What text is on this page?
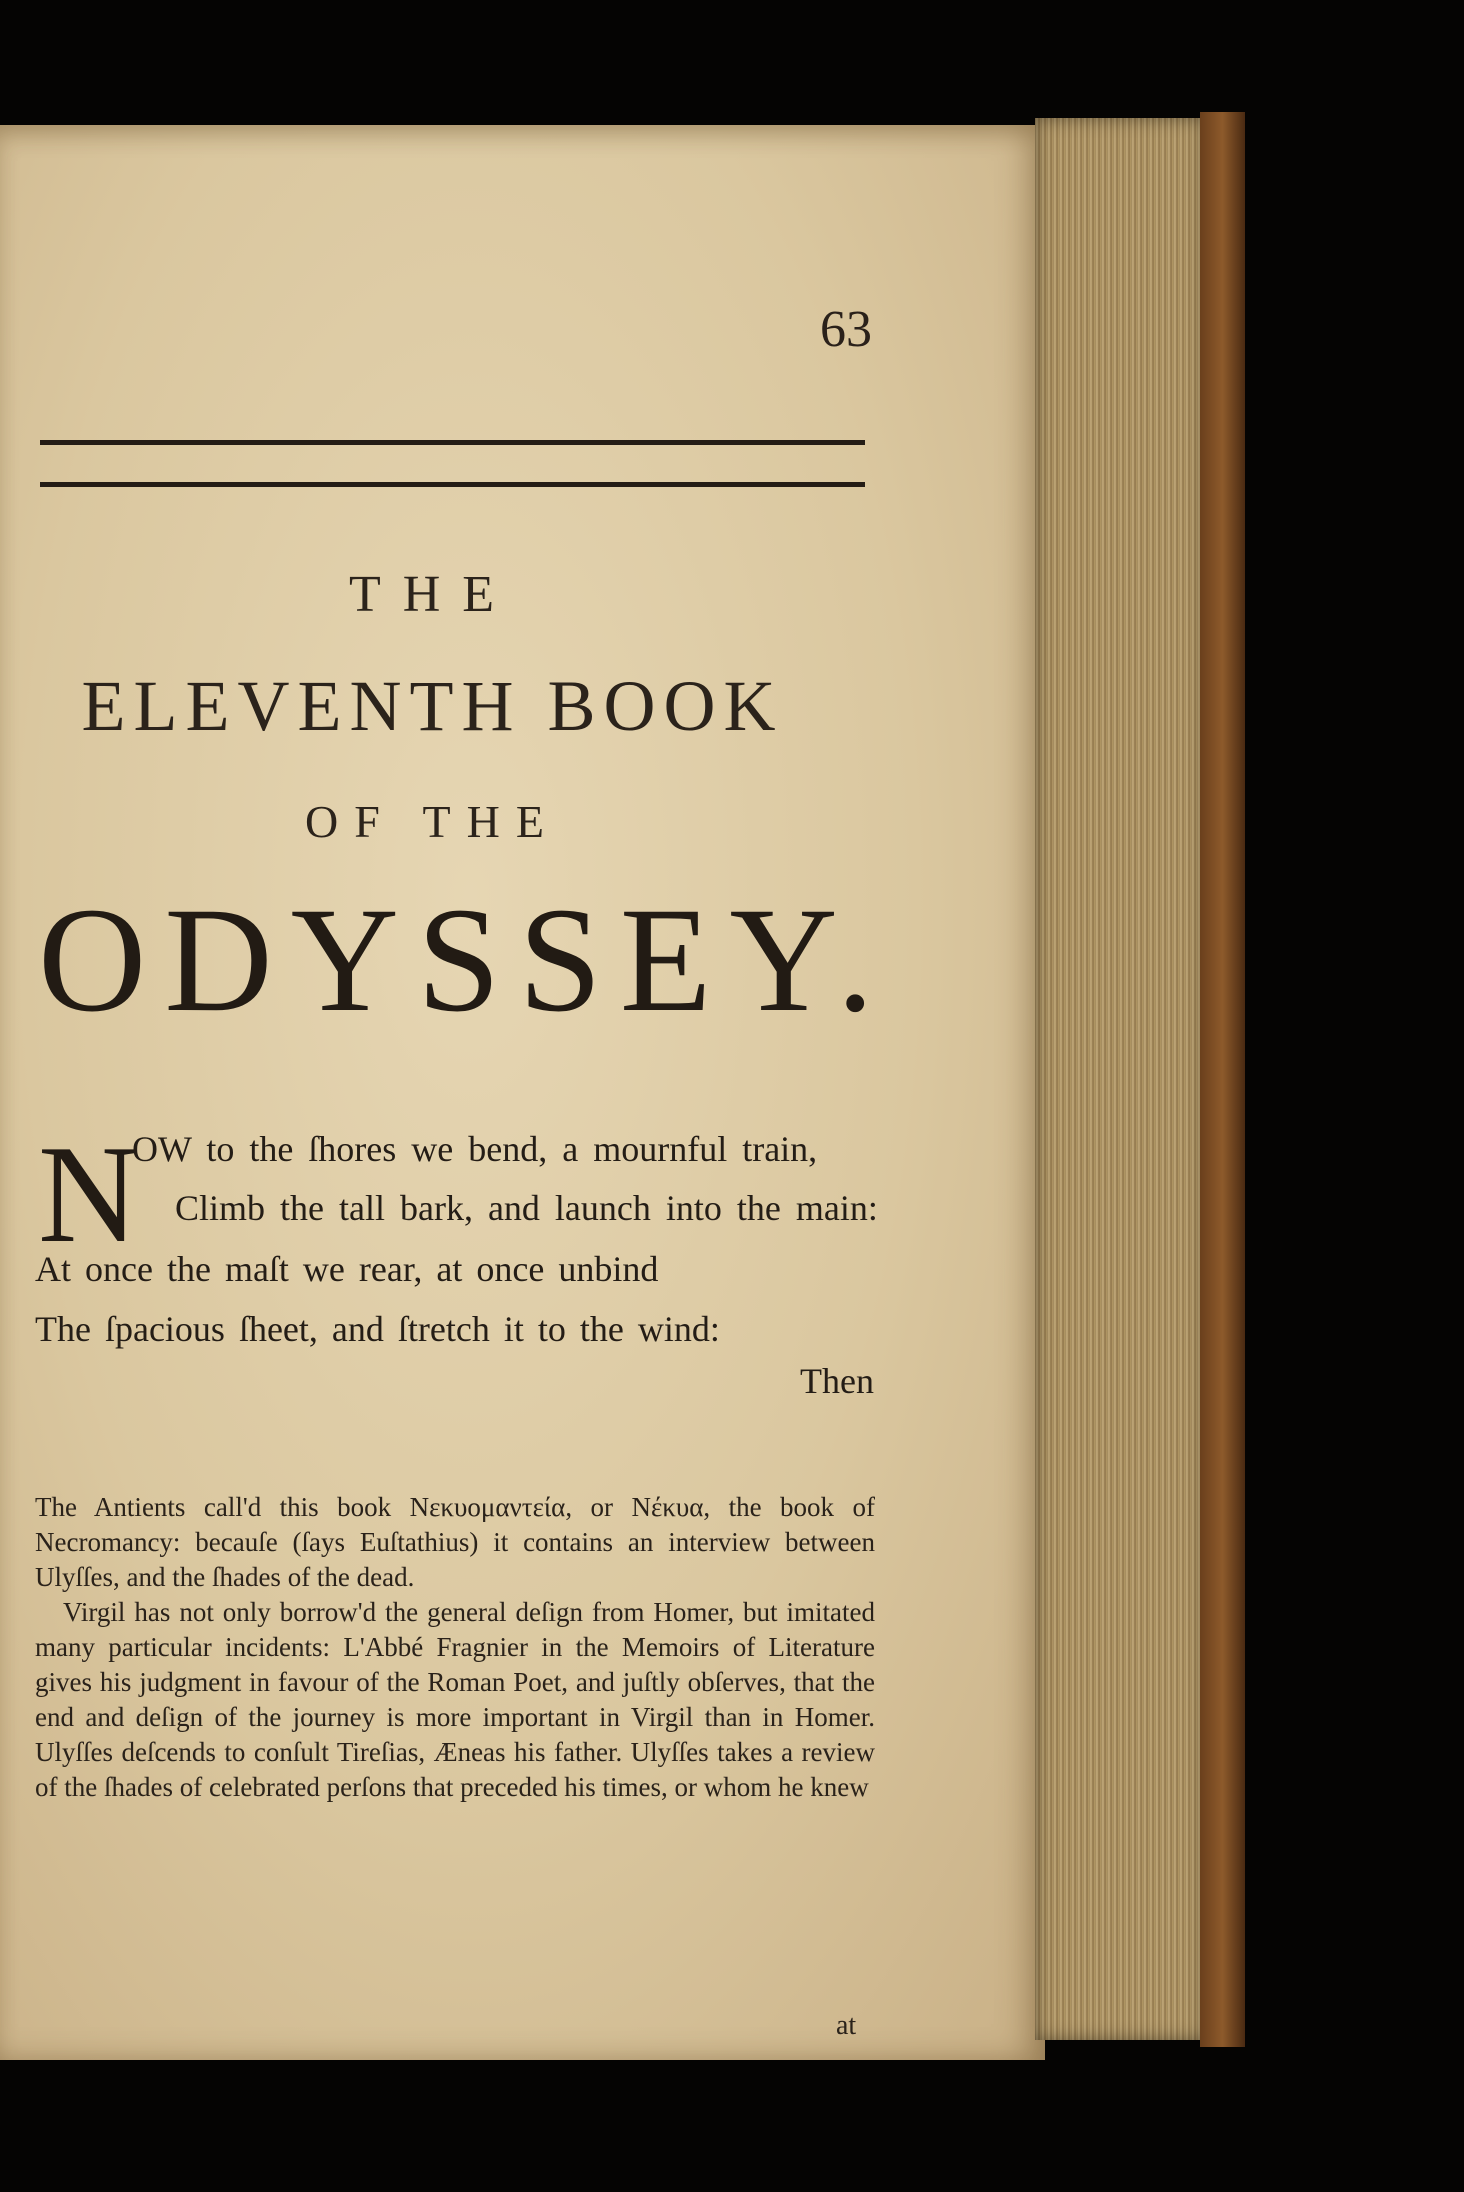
63
THE
ELEVENTH BOOK
OF THE
ODYSSEY.
N
OW to the ſhores we bend, a mournful train,
Climb the tall bark, and launch into the main:
At once the maſt we rear, at once unbind
The ſpacious ſheet, and ſtretch it to the wind:
Then

The Antients call'd this book Νεκυομαντεία, or Νέκυα, the book of Necromancy: becauſe (ſays Euſtathius) it contains an interview between Ulyſſes, and the ſhades of the dead.

Virgil has not only borrow'd the general deſign from Homer, but imitated many particular incidents: L'Abbé Fragnier in the Memoirs of Literature gives his judgment in favour of the Roman Poet, and juſtly obſerves, that the end and deſign of the journey is more important in Virgil than in Homer. Ulyſſes deſcends to conſult Tireſias, Æneas his father. Ulyſſes takes a review of the ſhades of celebrated perſons that preceded his times, or whom he knew

at
